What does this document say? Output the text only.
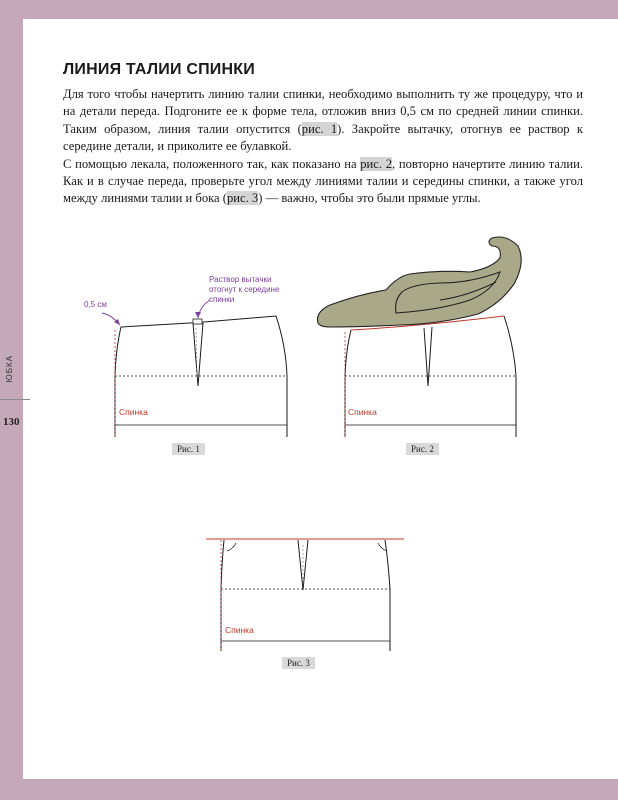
ЛИНИЯ ТАЛИИ СПИНКИ

Для того чтобы начертить линию талии спинки, необходимо выполнить ту же процедуру, что и на детали переда. Подгоните ее к форме тела, отложив вниз 0,5 см по средней линии спинки. Таким образом, линия талии опустится (рис. 1). Закройте вытачку, отогнув ее раствор к середине детали, и приколите ее булавкой.

С помощью лекала, положенного так, как показано на рис. 2, повторно начертите линию талии. Как и в случае переда, проверьте угол между линиями талии и середины спинки, а также угол между линиями талии и бока (рис. 3) — важно, чтобы это были прямые углы.

ЮБКА
130
0,5 см
Раствор вытачки
отогнут к середине
спинки
Спинка	Спинка
Спинка
Рис. 1	Рис. 2
Рис. 3
